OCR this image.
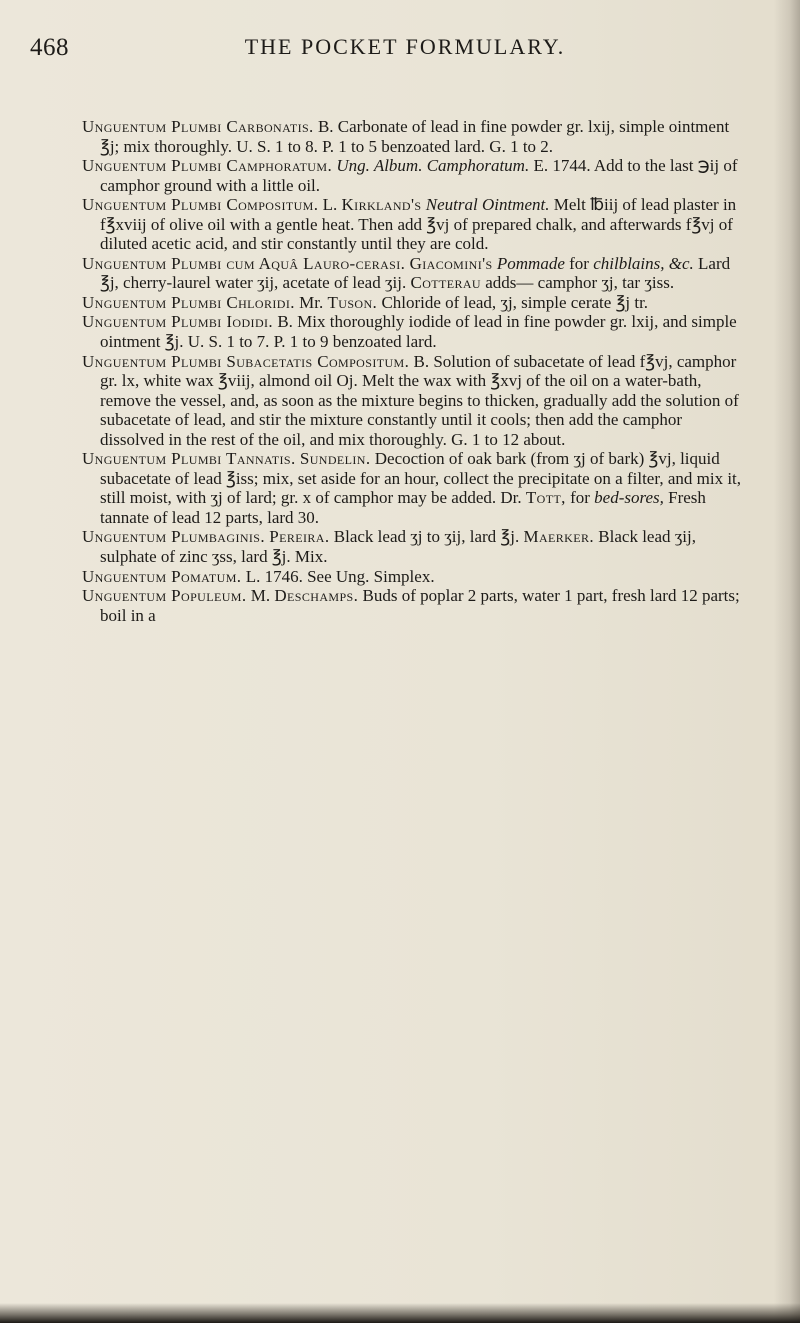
468	THE POCKET FORMULARY.

Unguentum Plumbi Carbonatis. B. Carbonate of lead in fine powder gr. lxij, simple ointment ℥j; mix thoroughly. U. S. 1 to 8. P. 1 to 5 benzoated lard. G. 1 to 2.

Unguentum Plumbi Camphoratum. Ung. Album. Camphoratum. E. 1744. Add to the last ℈ij of camphor ground with a little oil.

Unguentum Plumbi Compositum. L. Kirkland's Neutral Ointment. Melt ℔iij of lead plaster in f℥xviij of olive oil with a gentle heat. Then add ℥vj of prepared chalk, and afterwards f℥vj of diluted acetic acid, and stir constantly until they are cold.

Unguentum Plumbi cum Aquâ Lauro-cerasi. Giacomini's Pommade for chilblains, &c. Lard ℥j, cherry-laurel water ʒij, acetate of lead ʒij. Cotterau adds— camphor ʒj, tar ʒiss.

Unguentum Plumbi Chloridi. Mr. Tuson. Chloride of lead, ʒj, simple cerate ℥j tr.

Unguentum Plumbi Iodidi. B. Mix thoroughly iodide of lead in fine powder gr. lxij, and simple ointment ℥j. U. S. 1 to 7. P. 1 to 9 benzoated lard.

Unguentum Plumbi Subacetatis Compositum. B. Solution of subacetate of lead f℥vj, camphor gr. lx, white wax ℥viij, almond oil Oj. Melt the wax with ℥xvj of the oil on a water-bath, remove the vessel, and, as soon as the mixture begins to thicken, gradually add the solution of subacetate of lead, and stir the mixture constantly until it cools; then add the camphor dissolved in the rest of the oil, and mix thoroughly. G. 1 to 12 about.

Unguentum Plumbi Tannatis. Sundelin. Decoction of oak bark (from ʒj of bark) ℥vj, liquid subacetate of lead ℥iss; mix, set aside for an hour, collect the precipitate on a filter, and mix it, still moist, with ʒj of lard; gr. x of camphor may be added. Dr. Tott, for bed-sores, Fresh tannate of lead 12 parts, lard 30.

Unguentum Plumbaginis. Pereira. Black lead ʒj to ʒij, lard ℥j. Maerker. Black lead ʒij, sulphate of zinc ʒss, lard ℥j. Mix.

Unguentum Pomatum. L. 1746. See Ung. Simplex.

Unguentum Populeum. M. Deschamps. Buds of poplar 2 parts, water 1 part, fresh lard 12 parts; boil in a
